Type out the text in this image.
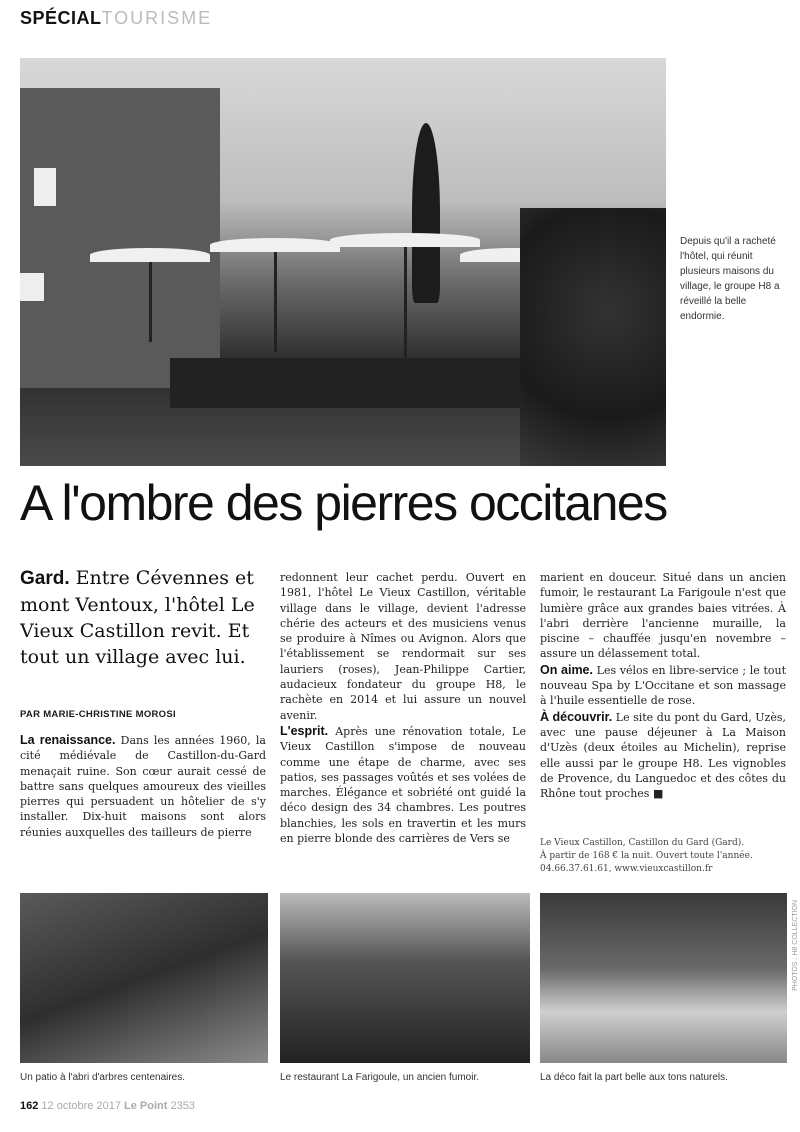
SPÉCIALTOURISME
Depuis qu'il a racheté l'hôtel, qui réunit plusieurs maisons du village, le groupe H8 a réveillé la belle endormie.
A l'ombre des pierres occitanes
Gard. Entre Cévennes et mont Ventoux, l'hôtel Le Vieux Castillon revit. Et tout un village avec lui.
PAR MARIE-CHRISTINE MOROSI

La renaissance. Dans les années 1960, la cité médiévale de Castillon-du-Gard menaçait ruine. Son cœur aurait cessé de battre sans quelques amoureux des vieilles pierres qui persuadent un hôtelier de s'y installer. Dix-huit maisons sont alors réunies auxquelles des tailleurs de pierre

redonnent leur cachet perdu. Ouvert en 1981, l'hôtel Le Vieux Castillon, véritable village dans le village, devient l'adresse chérie des acteurs et des musiciens venus se produire à Nîmes ou Avignon. Alors que l'établissement se rendormait sur ses lauriers (roses), Jean-Philippe Cartier, audacieux fondateur du groupe H8, le rachète en 2014 et lui assure un nouvel avenir.

L'esprit. Après une rénovation totale, Le Vieux Castillon s'impose de nouveau comme une étape de charme, avec ses patios, ses passages voûtés et ses volées de marches. Élégance et sobriété ont guidé la déco design des 34 chambres. Les poutres blanchies, les sols en travertin et les murs en pierre blonde des carrières de Vers se

marient en douceur. Situé dans un ancien fumoir, le restaurant La Farigoule n'est que lumière grâce aux grandes baies vitrées. À l'abri derrière l'ancienne muraille, la piscine – chauffée jusqu'en novembre – assure un délassement total.

On aime. Les vélos en libre-service ; le tout nouveau Spa by L'Occitane et son massage à l'huile essentielle de rose.

À découvrir. Le site du pont du Gard, Uzès, avec une pause déjeuner à La Maison d'Uzès (deux étoiles au Michelin), reprise elle aussi par le groupe H8. Les vignobles de Provence, du Languedoc et des côtes du Rhône tout proches ■

Le Vieux Castillon, Castillon du Gard (Gard).
À partir de 168 € la nuit. Ouvert toute l'année.
04.66.37.61.61, www.vieuxcastillon.fr
Un patio à l'abri d'arbres centenaires.	Le restaurant La Farigoule, un ancien fumoir.	La déco fait la part belle aux tons naturels.
PHOTOS : H8 COLLECTION
162 12 octobre 2017 Le Point 2353
